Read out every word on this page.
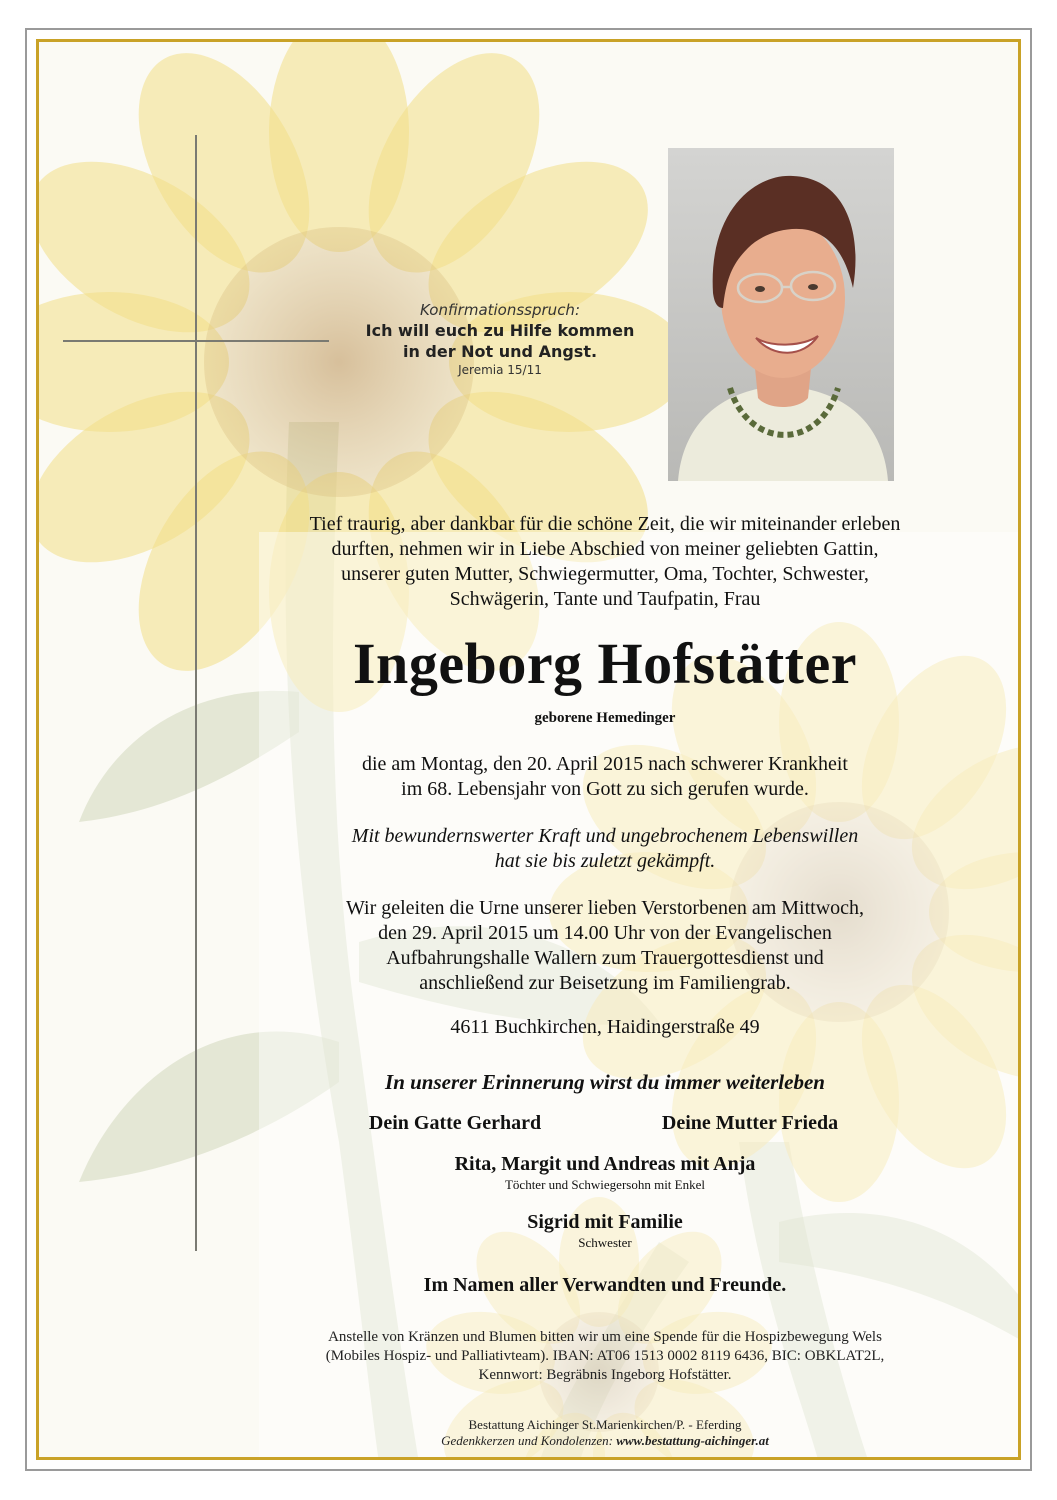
Konfirmationsspruch:
Ich will euch zu Hilfe kommen
in der Not und Angst.
Jeremia 15/11
Tief traurig, aber dankbar für die schöne Zeit, die wir miteinander erleben
durften, nehmen wir in Liebe Abschied von meiner geliebten Gattin,
unserer guten Mutter, Schwiegermutter, Oma, Tochter, Schwester,
Schwägerin, Tante und Taufpatin, Frau
Ingeborg Hofstätter
geborene Hemedinger
die am Montag, den 20. April 2015 nach schwerer Krankheit
im 68. Lebensjahr von Gott zu sich gerufen wurde.
Mit bewundernswerter Kraft und ungebrochenem Lebenswillen
hat sie bis zuletzt gekämpft.
Wir geleiten die Urne unserer lieben Verstorbenen am Mittwoch,
den 29. April 2015 um 14.00 Uhr von der Evangelischen
Aufbahrungshalle Wallern zum Trauergottesdienst und
anschließend zur Beisetzung im Familiengrab.
4611 Buchkirchen, Haidingerstraße 49
In unserer Erinnerung wirst du immer weiterleben
Dein Gatte Gerhard	Deine Mutter Frieda
Rita, Margit und Andreas mit Anja
Töchter und Schwiegersohn mit Enkel
Sigrid mit Familie
Schwester
Im Namen aller Verwandten und Freunde.
Anstelle von Kränzen und Blumen bitten wir um eine Spende für die Hospizbewegung Wels
(Mobiles Hospiz- und Palliativteam). IBAN: AT06 1513 0002 8119 6436, BIC: OBKLAT2L,
Kennwort: Begräbnis Ingeborg Hofstätter.
Bestattung Aichinger St.Marienkirchen/P. - Eferding
Gedenkkerzen und Kondolenzen: www.bestattung-aichinger.at
